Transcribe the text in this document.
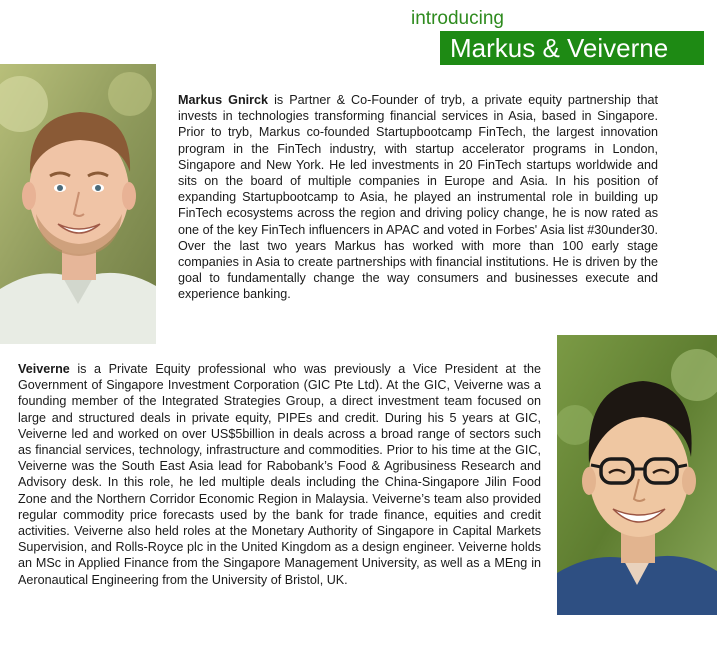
introducing
Markus & Veiverne

Markus Gnirck is Partner & Co-Founder of tryb, a private equity partnership that invests in technologies transforming financial services in Asia, based in Singapore. Prior to tryb, Markus co-founded Startupbootcamp FinTech, the largest innovation program in the FinTech industry, with startup accelerator programs in London, Singapore and New York. He led investments in 20 FinTech startups worldwide and sits on the board of multiple companies in Europe and Asia. In his position of expanding Startupbootcamp to Asia, he played an instrumental role in building up FinTech ecosystems across the region and driving policy change, he is now rated as one of the key FinTech influencers in APAC and voted in Forbes' Asia list #30under30. Over the last two years Markus has worked with more than 100 early stage companies in Asia to create partnerships with financial institutions. He is driven by the goal to fundamentally change the way consumers and businesses execute and experience banking.

Veiverne is a Private Equity professional who was previously a Vice President at the Government of Singapore Investment Corporation (GIC Pte Ltd). At the GIC, Veiverne was a founding member of the Integrated Strategies Group, a direct investment team focused on large and structured deals in private equity, PIPEs and credit. During his 5 years at GIC, Veiverne led and worked on over US$5billion in deals across a broad range of sectors such as financial services, technology, infrastructure and commodities. Prior to his time at the GIC, Veiverne was the South East Asia lead for Rabobank’s Food & Agribusiness Research and Advisory desk. In this role, he led multiple deals including the China-Singapore Jilin Food Zone and the Northern Corridor Economic Region in Malaysia. Veiverne’s team also provided regular commodity price forecasts used by the bank for trade finance, equities and credit activities. Veiverne also held roles at the Monetary Authority of Singapore in Capital Markets Supervision, and Rolls-Royce plc in the United Kingdom as a design engineer. Veiverne holds an MSc in Applied Finance from the Singapore Management University, as well as a MEng in Aeronautical Engineering from the University of Bristol, UK.
